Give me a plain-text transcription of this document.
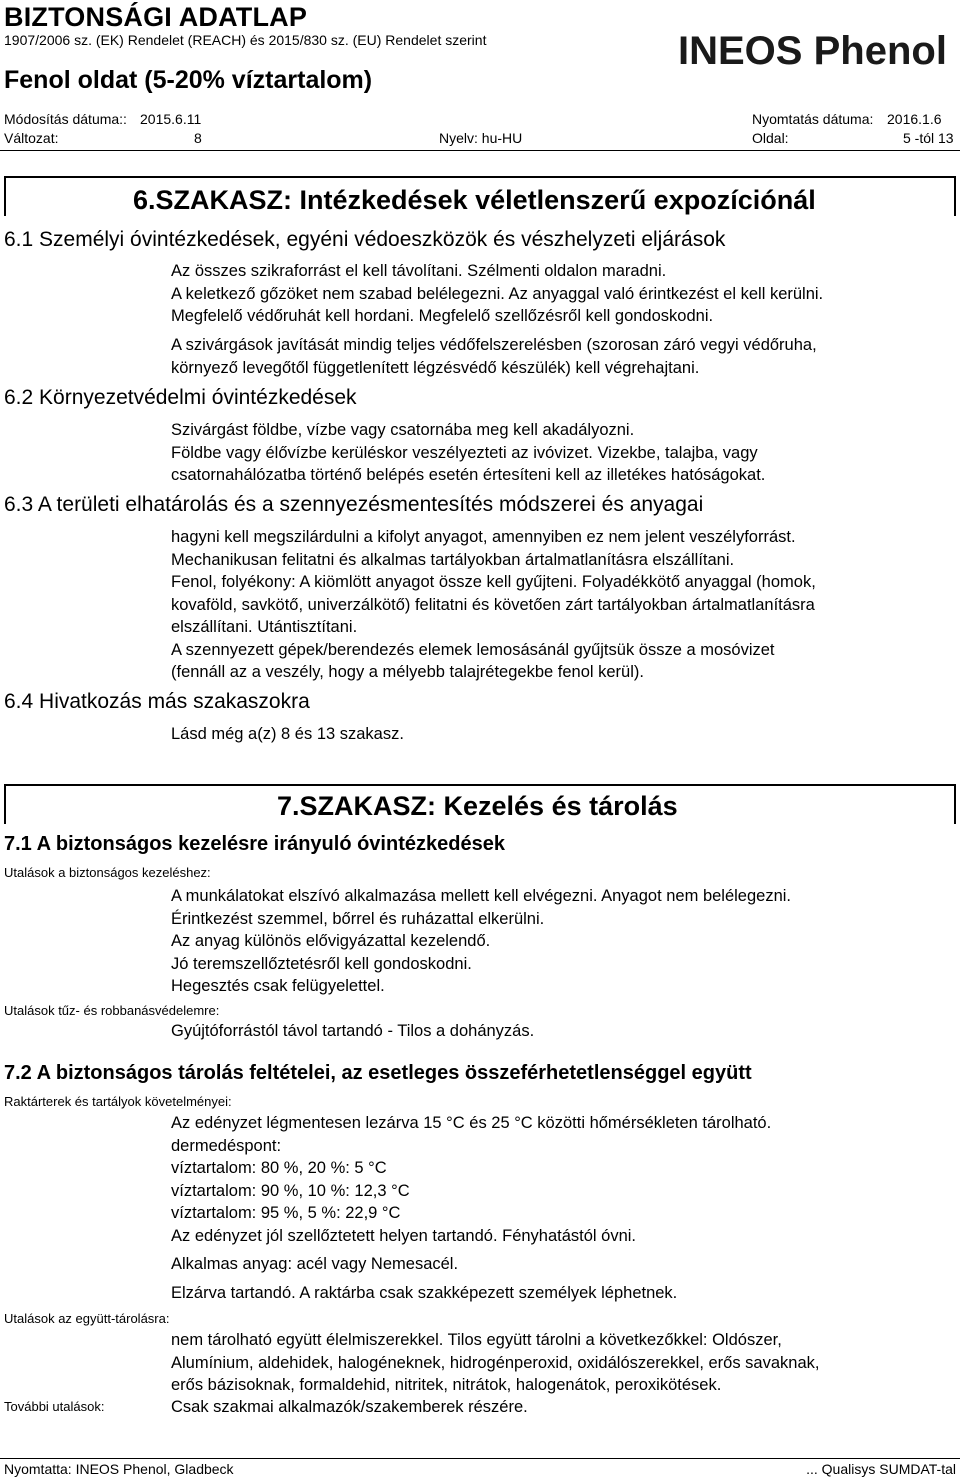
BIZTONSÁGI ADATLAP
1907/2006 sz. (EK) Rendelet (REACH) és 2015/830 sz. (EU) Rendelet szerint
Fenol oldat (5-20% víztartalom)
INEOS Phenol
Módosítás dátuma:: 2015.6.11	Nyomtatás dátuma: 2016.1.6
Változat:	8	Nyelv: hu-HU	Oldal:	5 -tól 13
6.SZAKASZ: Intézkedések véletlenszerű expozíciónál
6.1 Személyi óvintézkedések, egyéni védoeszközök és vészhelyzeti eljárások
Az összes szikraforrást el kell távolítani. Szélmenti oldalon maradni.
A keletkező gőzöket nem szabad belélegezni. Az anyaggal való érintkezést el kell kerülni.
Megfelelő védőruhát kell hordani. Megfelelő szellőzésről kell gondoskodni.
A szivárgások javítását mindig teljes védőfelszerelésben (szorosan záró vegyi védőruha,
környező levegőtől függetlenített légzésvédő készülék) kell végrehajtani.
6.2 Környezetvédelmi óvintézkedések
Szivárgást földbe, vízbe vagy csatornába meg kell akadályozni.
Földbe vagy élővízbe kerüléskor veszélyezteti az ivóvizet. Vizekbe, talajba, vagy
csatornahálózatba történő belépés esetén értesíteni kell az illetékes hatóságokat.
6.3 A területi elhatárolás és a szennyezésmentesítés módszerei és anyagai
hagyni kell megszilárdulni a kifolyt anyagot, amennyiben ez nem jelent veszélyforrást.
Mechanikusan felitatni és alkalmas tartályokban ártalmatlanításra elszállítani.
Fenol, folyékony: A kiömlött anyagot össze kell gyűjteni. Folyadékkötő anyaggal (homok,
kovaföld, savkötő, univerzálkötő) felitatni és követően zárt tartályokban ártalmatlanításra
elszállítani. Utántisztítani.
A szennyezett gépek/berendezés elemek lemosásánál gyűjtsük össze a mosóvizet
(fennáll az a veszély, hogy a mélyebb talajrétegekbe fenol kerül).
6.4 Hivatkozás más szakaszokra
Lásd még a(z) 8 és 13 szakasz.
7.SZAKASZ: Kezelés és tárolás
7.1 A biztonságos kezelésre irányuló óvintézkedések
Utalások a biztonságos kezeléshez:
A munkálatokat elszívó alkalmazása mellett kell elvégezni. Anyagot nem belélegezni.
Érintkezést szemmel, bőrrel és ruházattal elkerülni.
Az anyag különös elővigyázattal kezelendő.
Jó teremszellőztetésről kell gondoskodni.
Hegesztés csak felügyelettel.
Utalások tűz- és robbanásvédelemre:
Gyújtóforrástól távol tartandó - Tilos a dohányzás.
7.2 A biztonságos tárolás feltételei, az esetleges összeférhetetlenséggel együtt
Raktárterek és tartályok követelményei:
Az edényzet légmentesen lezárva 15 °C és 25 °C közötti hőmérsékleten tárolható.
dermedéspont:
víztartalom: 80 %, 20 %: 5 °C
víztartalom: 90 %, 10 %: 12,3 °C
víztartalom: 95 %, 5 %: 22,9 °C
Az edényzet jól szellőztetett helyen tartandó. Fényhatástól óvni.
Alkalmas anyag: acél vagy Nemesacél.
Elzárva tartandó. A raktárba csak szakképezett személyek léphetnek.
Utalások az együtt-tárolásra:
nem tárolható együtt élelmiszerekkel. Tilos együtt tárolni a következőkkel: Oldószer,
Alumínium, aldehidek, halogéneknek, hidrogénperoxid, oxidálószerekkel, erős savaknak,
erős bázisoknak, formaldehid, nitritek, nitrátok, halogenátok, peroxikötések.
További utalások:	Csak szakmai alkalmazók/szakemberek részére.
Nyomtatta: INEOS Phenol, Gladbeck	... Qualisys SUMDAT-tal
